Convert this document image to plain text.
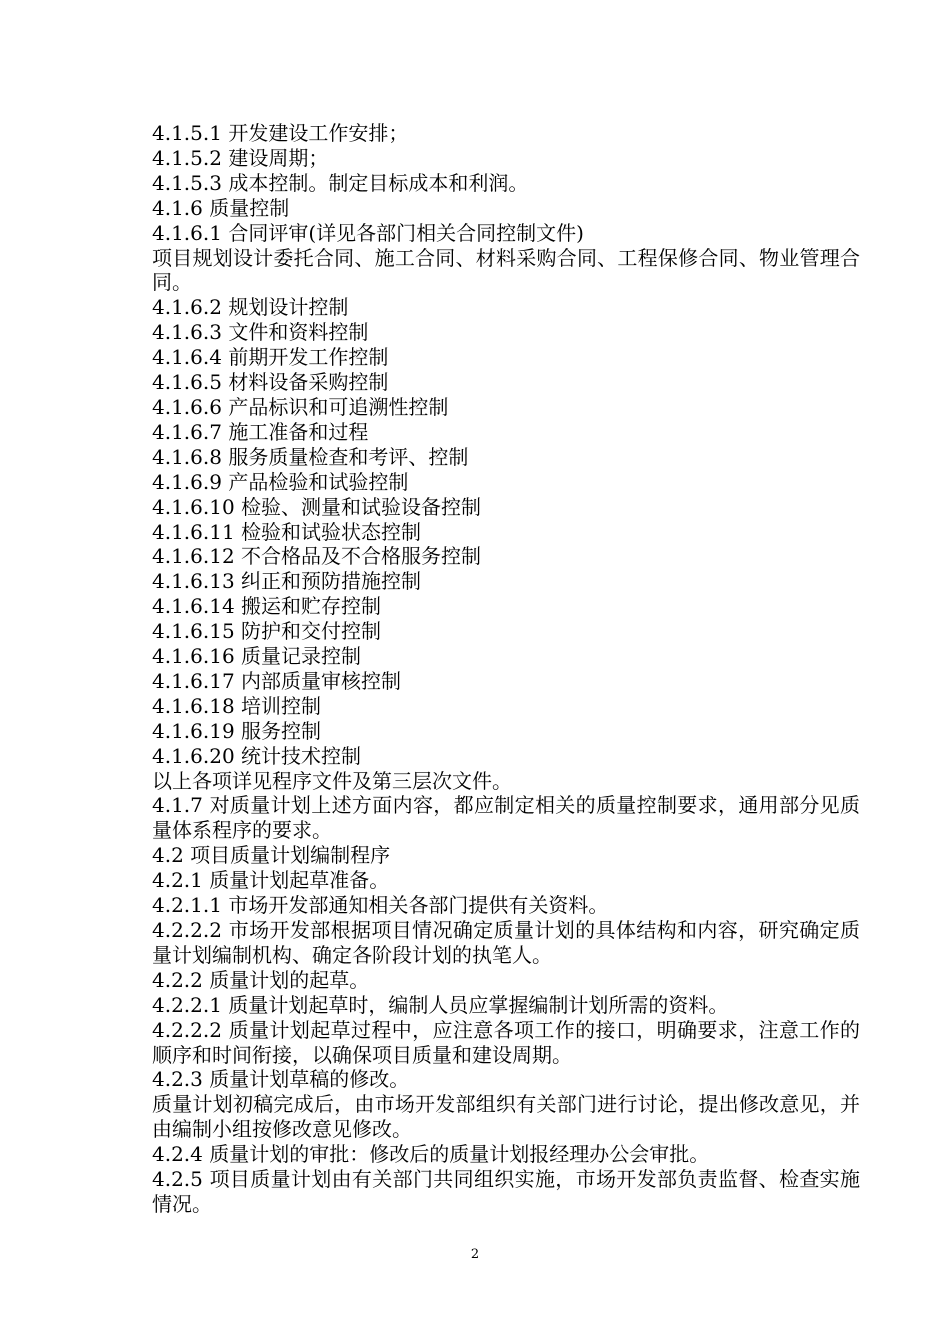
4.1.5.1 开发建设工作安排；

4.1.5.2 建设周期；

4.1.5.3 成本控制。制定目标成本和利润。

4.1.6 质量控制

4.1.6.1 合同评审(详见各部门相关合同控制文件)

项目规划设计委托合同、施工合同、材料采购合同、工程保修合同、物业管理合同。

4.1.6.2 规划设计控制

4.1.6.3 文件和资料控制

4.1.6.4 前期开发工作控制

4.1.6.5 材料设备采购控制

4.1.6.6 产品标识和可追溯性控制

4.1.6.7 施工准备和过程

4.1.6.8 服务质量检查和考评、控制

4.1.6.9 产品检验和试验控制

4.1.6.10 检验、测量和试验设备控制

4.1.6.11 检验和试验状态控制

4.1.6.12 不合格品及不合格服务控制

4.1.6.13 纠正和预防措施控制

4.1.6.14 搬运和贮存控制

4.1.6.15 防护和交付控制

4.1.6.16 质量记录控制

4.1.6.17 内部质量审核控制

4.1.6.18 培训控制

4.1.6.19 服务控制

4.1.6.20 统计技术控制

以上各项详见程序文件及第三层次文件。

4.1.7 对质量计划上述方面内容，都应制定相关的质量控制要求，通用部分见质量体系程序的要求。

4.2 项目质量计划编制程序

4.2.1 质量计划起草准备。

4.2.1.1 市场开发部通知相关各部门提供有关资料。

4.2.2.2 市场开发部根据项目情况确定质量计划的具体结构和内容，研究确定质量计划编制机构、确定各阶段计划的执笔人。

4.2.2 质量计划的起草。

4.2.2.1 质量计划起草时，编制人员应掌握编制计划所需的资料。

4.2.2.2 质量计划起草过程中，应注意各项工作的接口，明确要求，注意工作的顺序和时间衔接，以确保项目质量和建设周期。

4.2.3 质量计划草稿的修改。

质量计划初稿完成后，由市场开发部组织有关部门进行讨论，提出修改意见，并由编制小组按修改意见修改。

4.2.4 质量计划的审批：修改后的质量计划报经理办公会审批。

4.2.5 项目质量计划由有关部门共同组织实施，市场开发部负责监督、检查实施情况。

2
